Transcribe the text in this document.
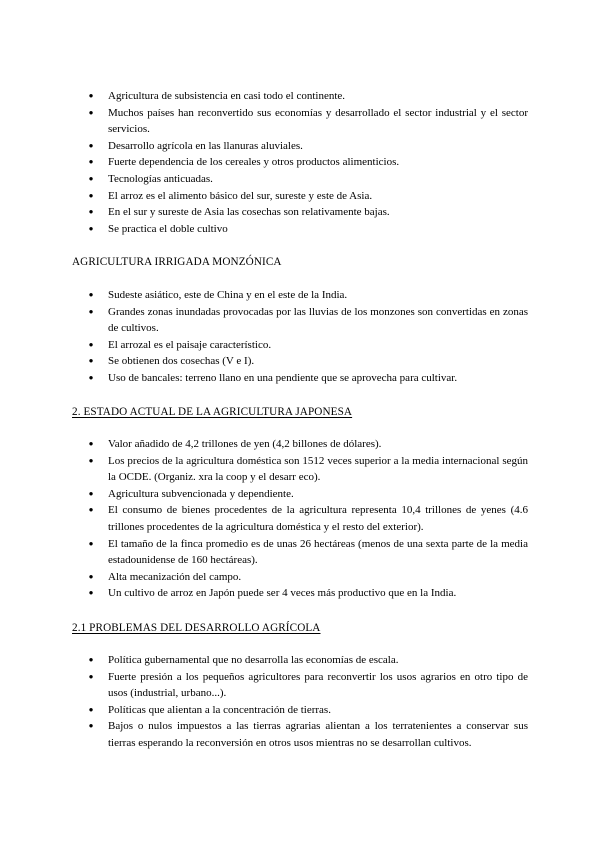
● Agricultura de subsistencia en casi todo el continente.
● Muchos países han reconvertido sus economías y desarrollado el sector industrial y el sector servicios.
● Desarrollo agrícola en las llanuras aluviales.
● Fuerte dependencia de los cereales y otros productos alimenticios.
● Tecnologías anticuadas.
● El arroz es el alimento básico del sur, sureste y este de Asia.
● En el sur y sureste de Asia las cosechas son relativamente bajas.
● Se practica el doble cultivo
AGRICULTURA IRRIGADA MONZÓNICA
● Sudeste asiático, este de China y en el este de la India.
● Grandes zonas inundadas provocadas por las lluvias de los monzones son convertidas en zonas de cultivos.
● El arrozal es el paisaje característico.
● Se obtienen dos cosechas (V e I).
● Uso de bancales: terreno llano en una pendiente que se aprovecha para cultivar.
2. ESTADO ACTUAL DE LA AGRICULTURA JAPONESA
● Valor añadido de 4,2 trillones de yen (4,2 billones de dólares).
● Los precios de la agricultura doméstica son 1512 veces superior a la media internacional según la OCDE. (Organiz. xra la coop y el desarr eco).
● Agricultura subvencionada y dependiente.
● El consumo de bienes procedentes de la agricultura representa 10,4 trillones de yenes (4.6 trillones procedentes de la agricultura doméstica y el resto del exterior).
● El tamaño de la finca promedio es de unas 26 hectáreas (menos de una sexta parte de la media estadounidense de 160 hectáreas).
● Alta mecanización del campo.
● Un cultivo de arroz en Japón puede ser 4 veces más productivo que en la India.
2.1 PROBLEMAS DEL DESARROLLO AGRÍCOLA
● Política gubernamental que no desarrolla las economías de escala.
● Fuerte presión a los pequeños agricultores para reconvertir los usos agrarios en otro tipo de usos (industrial, urbano...).
● Políticas que alientan a la concentración de tierras.
● Bajos o nulos impuestos a las tierras agrarias alientan a los terratenientes a conservar sus tierras esperando la reconversión en otros usos mientras no se desarrollan cultivos.
